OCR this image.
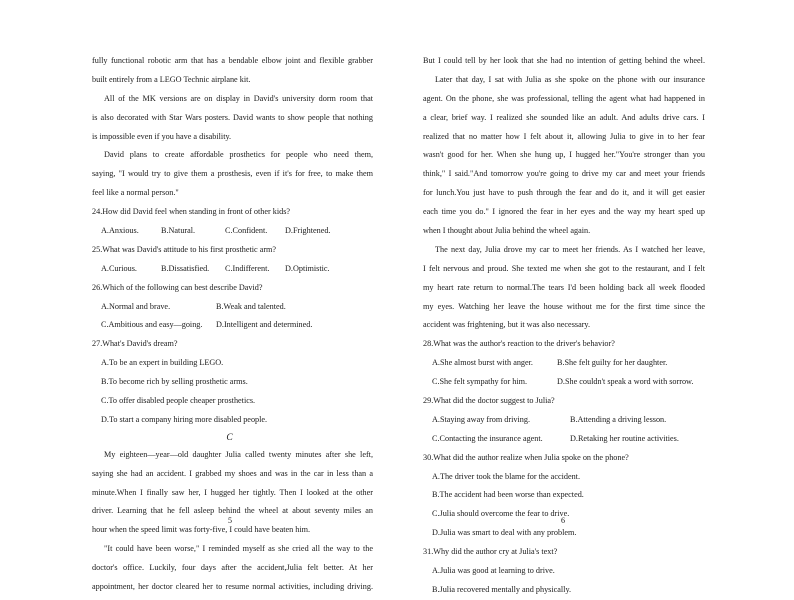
fully functional robotic arm that has a bendable elbow joint and flexible grabber
built entirely from a LEGO Technic airplane kit.
All of the MK versions are on display in David's university dorm room that
is also decorated with Star Wars posters. David wants to show people that nothing
is impossible even if you have a disability.
David plans to create affordable prosthetics for people who need them,
saying, "I would try to give them a prosthesis, even if it's for free, to make them
feel like a normal person."
24.How did David feel when standing in front of other kids?
A.Anxious.	B.Natural.	C.Confident.	D.Frightened.
25.What was David's attitude to his first prosthetic arm?
A.Curious.	B.Dissatisfied.	C.Indifferent.	D.Optimistic.
26.Which of the following can best describe David?
A.Normal and brave.	B.Weak and talented.
C.Ambitious and easy—going.	D.Intelligent and determined.
27.What's David's dream?
A.To be an expert in building LEGO.
B.To become rich by selling prosthetic arms.
C.To offer disabled people cheaper prosthetics.
D.To start a company hiring more disabled people.
C
My eighteen—year—old daughter Julia called twenty minutes after she left,
saying she had an accident. I grabbed my shoes and was in the car in less than a
minute.When I finally saw her, I hugged her tightly. Then I looked at the other
driver. Learning that he fell asleep behind the wheel at about seventy miles an
hour when the speed limit was forty-five, I could have beaten him.
"It could have been worse," I reminded myself as she cried all the way to the
doctor's office. Luckily, four days after the accident,Julia felt better. At her
appointment, her doctor cleared her to resume normal activities, including driving.
5
But I could tell by her look that she had no intention of getting behind the wheel.
Later that day, I sat with Julia as she spoke on the phone with our insurance
agent. On the phone, she was professional, telling the agent what had happened in
a clear, brief way. I realized she sounded like an adult. And adults drive cars. I
realized that no matter how I felt about it, allowing Julia to give in to her fear
wasn't good for her. When she hung up, I hugged her."You're stronger than you
think," I said."And tomorrow you're going to drive my car and meet your friends
for lunch.You just have to push through the fear and do it, and it will get easier
each time you do." I ignored the fear in her eyes and the way my heart sped up
when I thought about Julia behind the wheel again.
The next day, Julia drove my car to meet her friends. As I watched her leave,
I felt nervous and proud. She texted me when she got to the restaurant, and I felt
my heart rate return to normal.The tears I'd been holding back all week flooded
my eyes. Watching her leave the house without me for the first time since the
accident was frightening, but it was also necessary.
28.What was the author's reaction to the driver's behavior?
A.She almost burst with anger.	B.She felt guilty for her daughter.
C.She felt sympathy for him.	D.She couldn't speak a word with sorrow.
29.What did the doctor suggest to Julia?
A.Staying away from driving.	B.Attending a driving lesson.
C.Contacting the insurance agent.	D.Retaking her routine activities.
30.What did the author realize when Julia spoke on the phone?
A.The driver took the blame for the accident.
B.The accident had been worse than expected.
C.Julia should overcome the fear to drive.
D.Julia was smart to deal with any problem.
31.Why did the author cry at Julia's text?
A.Julia was good at learning to drive.
B.Julia recovered mentally and physically.
6
